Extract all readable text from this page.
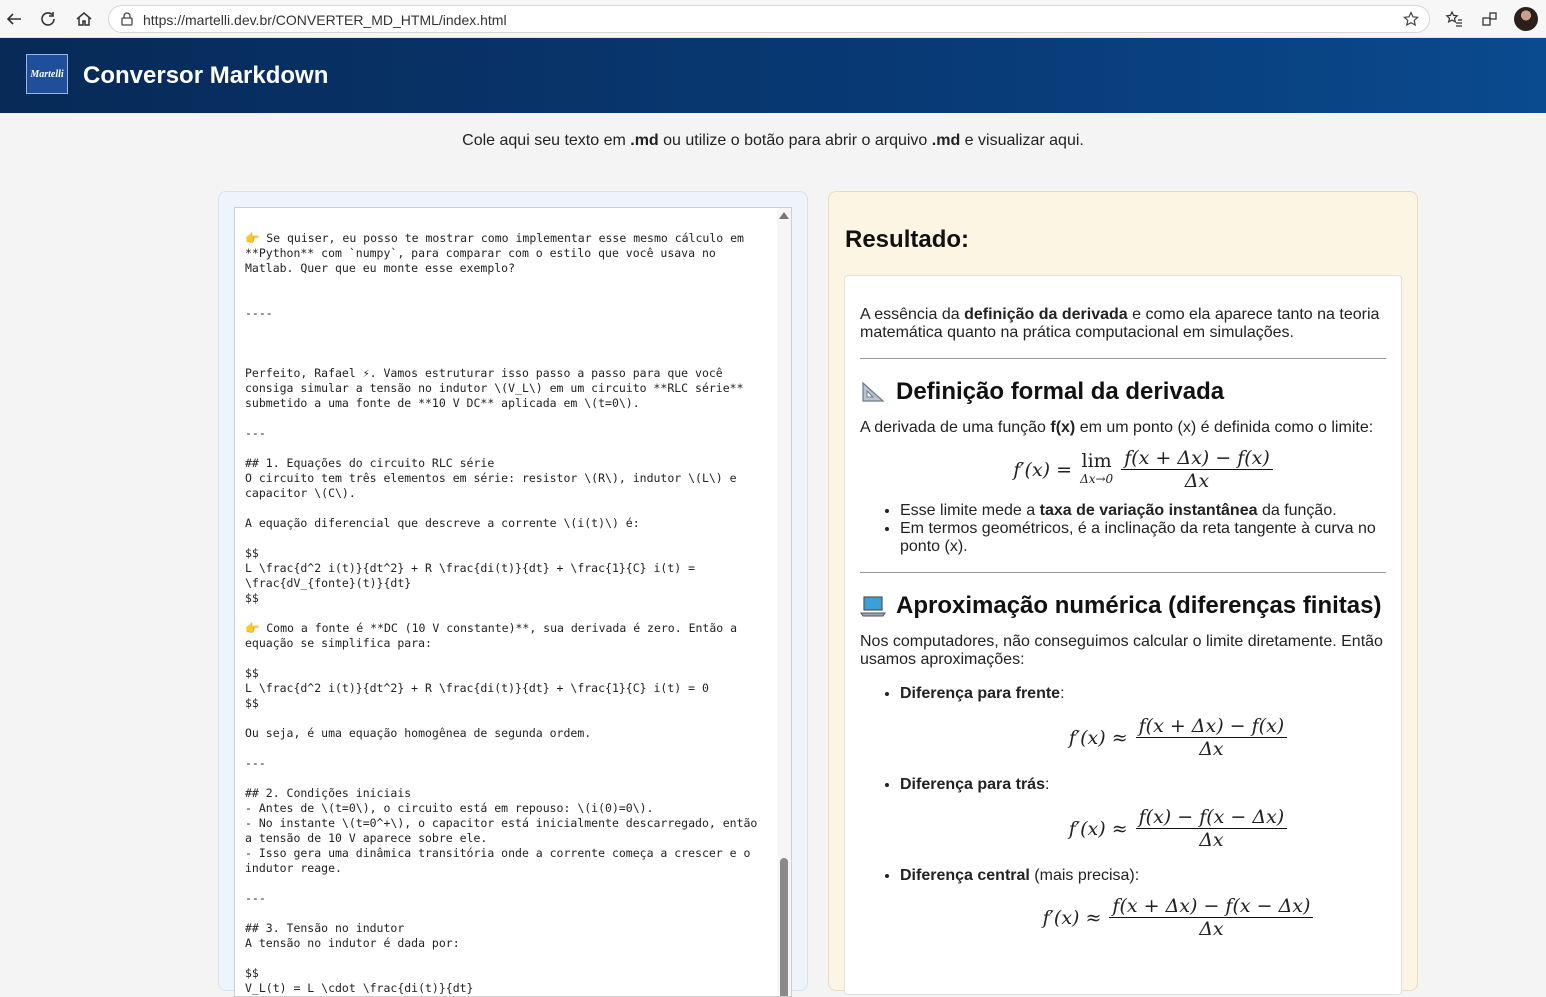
https://martelli.dev.br/CONVERTER_MD_HTML/index.html
Martelli Conversor Markdown
Cole aqui seu texto em .md ou utilize o botão para abrir o arquivo .md e visualizar aqui.
👉 Se quiser, eu posso te mostrar como implementar esse mesmo cálculo em **Python** com `numpy`, para comparar com o estilo que você usava no Matlab. Quer que eu monte esse exemplo?

----

Perfeito, Rafael ⚡. Vamos estruturar isso passo a passo para que você consiga simular a tensão no indutor \(V_L\) em um circuito **RLC série** submetido a uma fonte de **10 V DC** aplicada em \(t=0\).

---

## 1. Equações do circuito RLC série
O circuito tem três elementos em série: resistor \(R\), indutor \(L\) e capacitor \(C\).

A equação diferencial que descreve a corrente \(i(t)\) é:

$$
L \frac{d^2 i(t)}{dt^2} + R \frac{di(t)}{dt} + \frac{1}{C} i(t) = \frac{dV_{fonte}(t)}{dt}
$$

👉 Como a fonte é **DC (10 V constante)**, sua derivada é zero. Então a equação se simplifica para:

$$
L \frac{d^2 i(t)}{dt^2} + R \frac{di(t)}{dt} + \frac{1}{C} i(t) = 0
$$

Ou seja, é uma equação homogênea de segunda ordem.

---

## 2. Condições iniciais
- Antes de \(t=0\), o circuito está em repouso: \(i(0)=0\).
- No instante \(t=0^+\), o capacitor está inicialmente descarregado, então a tensão de 10 V aparece sobre ele.
- Isso gera uma dinâmica transitória onde a corrente começa a crescer e o indutor reage.

---

## 3. Tensão no indutor
A tensão no indutor é dada por:

$$
V_L(t) = L \cdot \frac{di(t)}{dt}
Resultado:

A essência da definição da derivada e como ela aparece tanto na teoria matemática quanto na prática computacional em simulações.

Definição formal da derivada

A derivada de uma função f(x) em um ponto (x) é definida como o limite:

f′(x) = lim
$\Delta x\to 0 \frac{f(x + \Delta x) - f(x)}{\Delta x}$
• Esse limite mede a taxa de variação instantânea da função.
• Em termos geométricos, é a inclinação da reta tangente à curva no ponto (x).
Aproximação numérica (diferenças finitas)

Nos computadores, não conseguimos calcular o limite diretamente. Então usamos aproximações:

• Diferença para frente:
$f'(x) \approx \frac{f(x + \Delta x) - f(x)}{\Delta x}$
• Diferença para trás:
$f'(x) \approx \frac{f(x) - f(x - \Delta x)}{\Delta x}$
• Diferença central (mais precisa):
$f'(x) \approx \frac{f(x + \Delta x) - f(x - \Delta x)}{\Delta x}$
